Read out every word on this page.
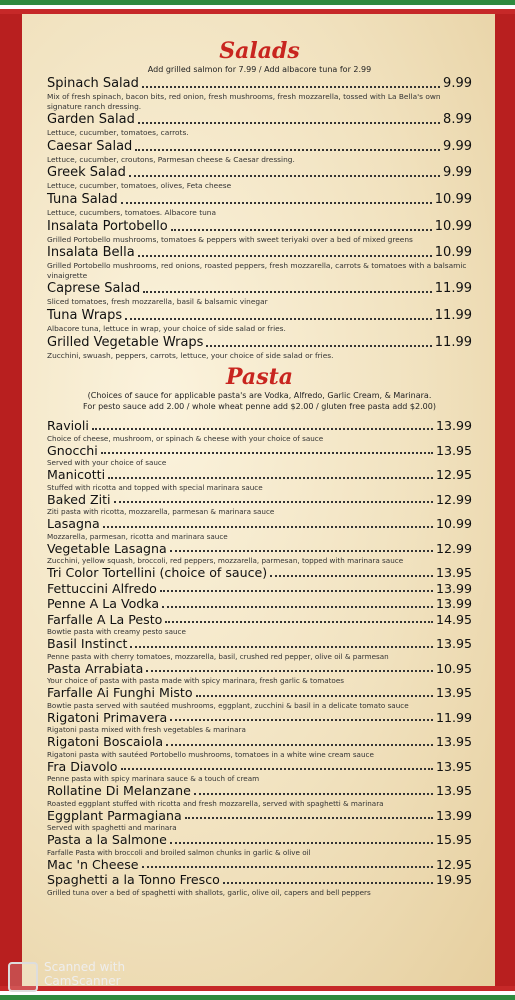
Salads
Add grilled salmon for 7.99 / Add albacore tuna for 2.99
Spinach Salad	9.99
Mix of fresh spinach, bacon bits, red onion, fresh mushrooms, fresh mozzarella, tossed with La Bella's own signature ranch dressing.
Garden Salad	8.99
Lettuce, cucumber, tomatoes, carrots.
Caesar Salad	9.99
Lettuce, cucumber, croutons, Parmesan cheese & Caesar dressing.
Greek Salad	9.99
Lettuce, cucumber, tomatoes, olives, Feta cheese
Tuna Salad	10.99
Lettuce, cucumbers, tomatoes. Albacore tuna
Insalata Portobello	10.99
Grilled Portobello mushrooms, tomatoes & peppers with sweet teriyaki over a bed of mixed greens
Insalata Bella	10.99
Grilled Portobello mushrooms, red onions, roasted peppers, fresh mozzarella, carrots & tomatoes with a balsamic vinaigrette
Caprese Salad	11.99
Sliced tomatoes, fresh mozzarella, basil & balsamic vinegar
Tuna Wraps	11.99
Albacore tuna, lettuce in wrap, your choice of side salad or fries.
Grilled Vegetable Wraps	11.99
Zucchini, swuash, peppers, carrots, lettuce, your choice of side salad or fries.
Pasta
(Choices of sauce for applicable pasta's are Vodka, Alfredo, Garlic Cream, & Marinara.
For pesto sauce add 2.00 / whole wheat penne add $2.00 / gluten free pasta add $2.00)
Ravioli	13.99
Choice of cheese, mushroom, or spinach & cheese with your choice of sauce
Gnocchi	13.95
Served with your choice of sauce
Manicotti	12.95
Stuffed with ricotta and topped with special marinara sauce
Baked Ziti	12.99
Ziti pasta with ricotta, mozzarella, parmesan & marinara sauce
Lasagna	10.99
Mozzarella, parmesan, ricotta and marinara sauce
Vegetable Lasagna	12.99
Zucchini, yellow squash, broccoli, red peppers, mozzarella, parmesan, topped with marinara sauce
Tri Color Tortellini (choice of sauce)	13.95
Fettuccini Alfredo	13.99
Penne A La Vodka	13.99
Farfalle A La Pesto	14.95
Bowtie pasta with creamy pesto sauce
Basil Instinct	13.95
Penne pasta with cherry tomatoes, mozzarella, basil, crushed red pepper, olive oil & parmesan
Pasta Arrabiata	10.95
Your choice of pasta with pasta made with spicy marinara, fresh garlic & tomatoes
Farfalle Ai Funghi Misto	13.95
Bowtie pasta served with sautéed mushrooms, eggplant, zucchini & basil in a delicate tomato sauce
Rigatoni Primavera	11.99
Rigatoni pasta mixed with fresh vegetables & marinara
Rigatoni Boscaiola	13.95
Rigatoni pasta with sautéed Portobello mushrooms, tomatoes in a white wine cream sauce
Fra Diavolo	13.95
Penne pasta with spicy marinara sauce & a touch of cream
Rollatine Di Melanzane	13.95
Roasted eggplant stuffed with ricotta and fresh mozzarella, served with spaghetti & marinara
Eggplant Parmagiana	13.99
Served with spaghetti and marinara
Pasta a la Salmone	15.95
Farfalle Pasta with broccoli and broiled salmon chunks in garlic & olive oil
Mac 'n Cheese	12.95
Spaghetti a la Tonno Fresco	19.95
Grilled tuna over a bed of spaghetti with shallots, garlic, olive oil, capers and bell peppers
Scanned with
CamScanner
